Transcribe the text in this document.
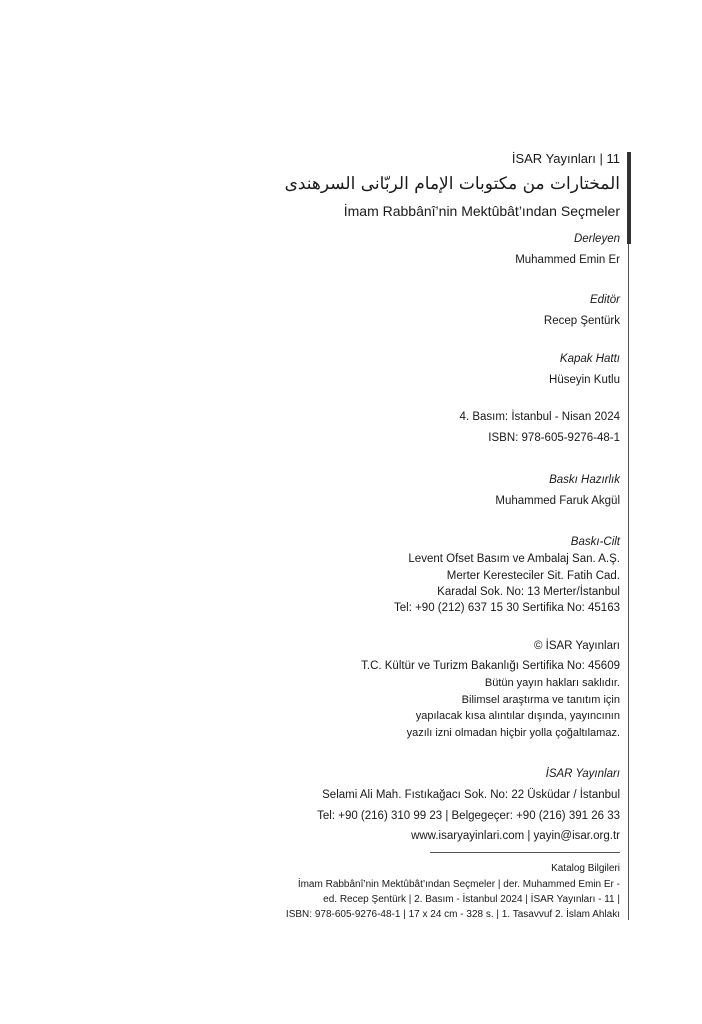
İSAR Yayınları | 11
المختارات من مكتوبات الإمام الربّانى السرهندى
İmam Rabbânî’nin Mektûbât’ından Seçmeler
Derleyen
Muhammed Emin Er
Editör
Recep Şentürk
Kapak Hattı
Hüseyin Kutlu
4. Basım: İstanbul - Nisan 2024
ISBN: 978-605-9276-48-1
Baskı Hazırlık
Muhammed Faruk Akgül
Baskı-Cilt
Levent Ofset Basım ve Ambalaj San. A.Ş.
Merter Keresteciler Sit. Fatih Cad.
Karadal Sok. No: 13 Merter/İstanbul
Tel: +90 (212) 637 15 30 Sertifika No: 45163
© İSAR Yayınları
T.C. Kültür ve Turizm Bakanlığı Sertifika No: 45609
Bütün yayın hakları saklıdır.
Bilimsel araştırma ve tanıtım için
yapılacak kısa alıntılar dışında, yayıncının
yazılı izni olmadan hiçbir yolla çoğaltılamaz.
İSAR Yayınları
Selami Ali Mah. Fıstıkağacı Sok. No: 22 Üsküdar / İstanbul
Tel: +90 (216) 310 99 23 | Belgegeçer: +90 (216) 391 26 33
www.isaryayinlari.com | yayin@isar.org.tr
Katalog Bilgileri
İmam Rabbânî’nin Mektûbât’ından Seçmeler | der. Muhammed Emin Er -
ed. Recep Şentürk | 2. Basım - İstanbul 2024 | İSAR Yayınları - 11 |
ISBN: 978-605-9276-48-1 | 17 x 24 cm - 328 s. | 1. Tasavvuf 2. İslam Ahlakı
